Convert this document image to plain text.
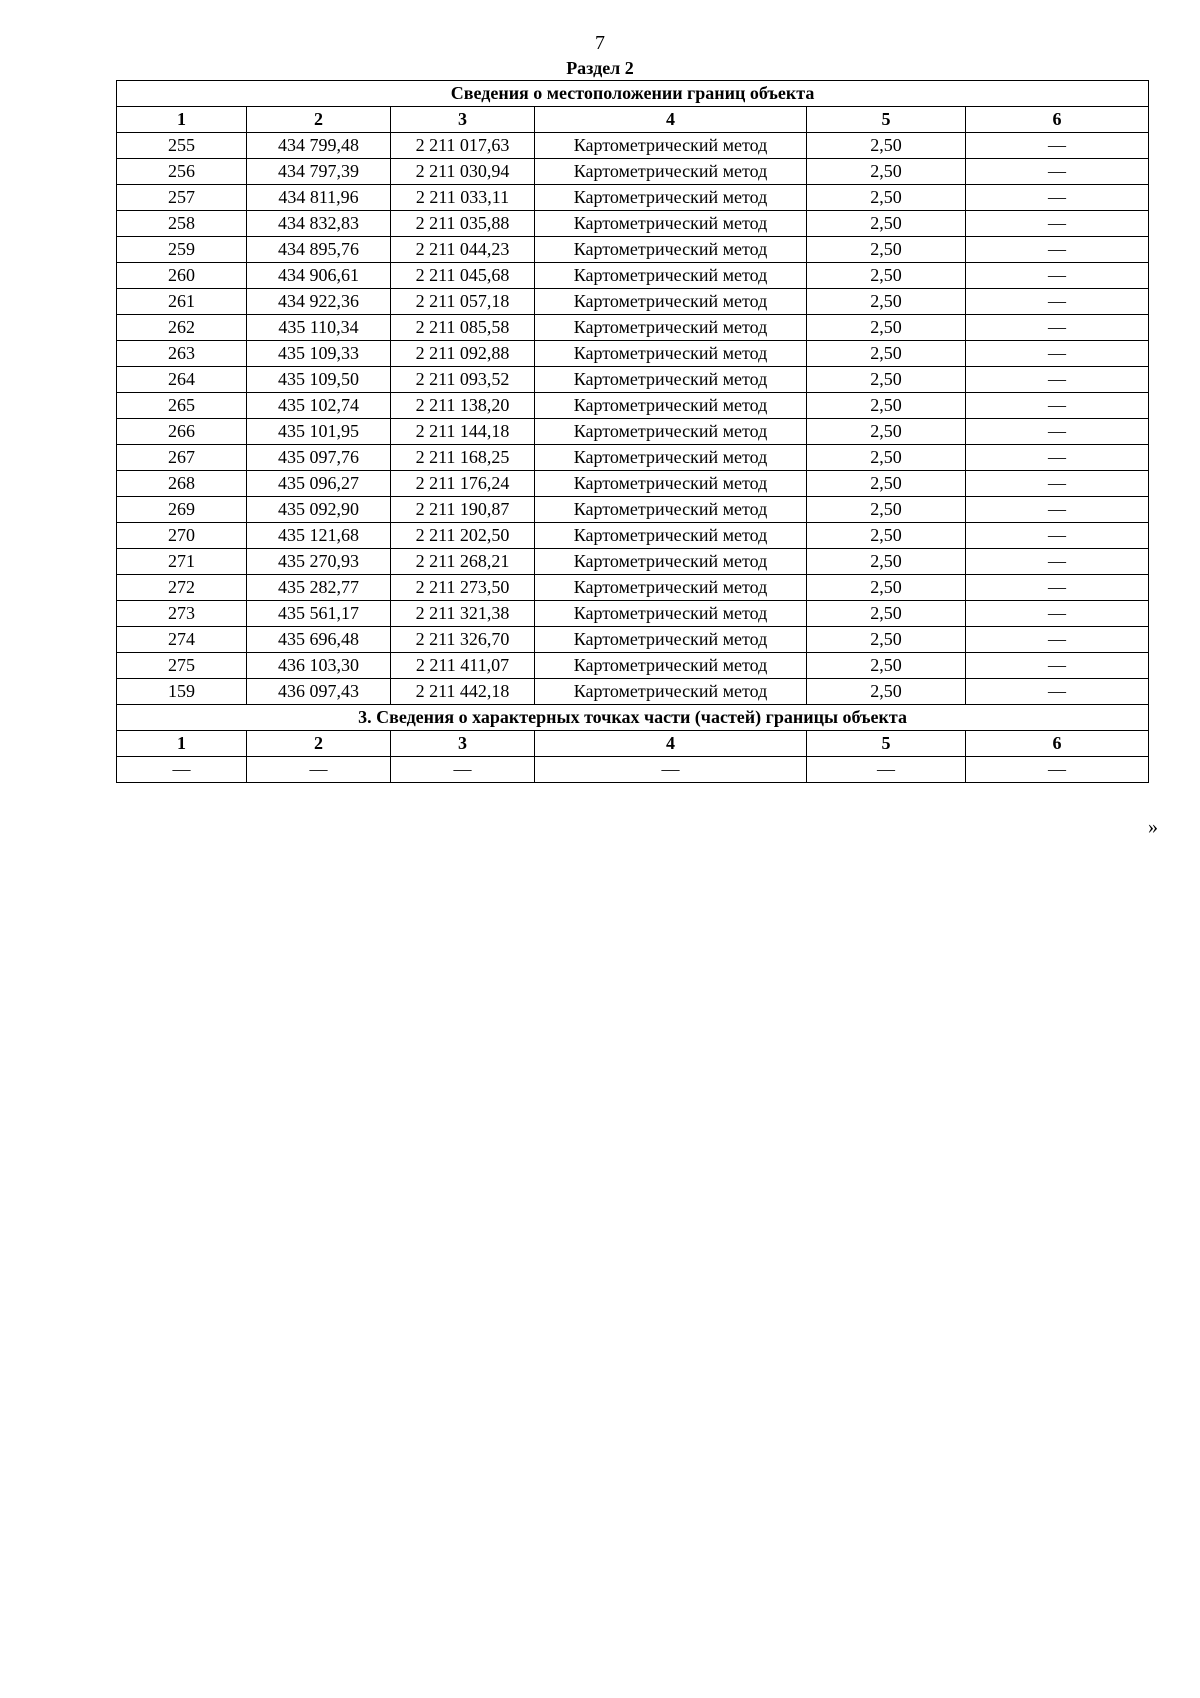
7
Раздел 2
Сведения о местоположении границ объекта					
1	2	3	4	5	6
255	434 799,48	2 211 017,63	Картометрический метод	2,50	—
256	434 797,39	2 211 030,94	Картометрический метод	2,50	—
257	434 811,96	2 211 033,11	Картометрический метод	2,50	—
258	434 832,83	2 211 035,88	Картометрический метод	2,50	—
259	434 895,76	2 211 044,23	Картометрический метод	2,50	—
260	434 906,61	2 211 045,68	Картометрический метод	2,50	—
261	434 922,36	2 211 057,18	Картометрический метод	2,50	—
262	435 110,34	2 211 085,58	Картометрический метод	2,50	—
263	435 109,33	2 211 092,88	Картометрический метод	2,50	—
264	435 109,50	2 211 093,52	Картометрический метод	2,50	—
265	435 102,74	2 211 138,20	Картометрический метод	2,50	—
266	435 101,95	2 211 144,18	Картометрический метод	2,50	—
267	435 097,76	2 211 168,25	Картометрический метод	2,50	—
268	435 096,27	2 211 176,24	Картометрический метод	2,50	—
269	435 092,90	2 211 190,87	Картометрический метод	2,50	—
270	435 121,68	2 211 202,50	Картометрический метод	2,50	—
271	435 270,93	2 211 268,21	Картометрический метод	2,50	—
272	435 282,77	2 211 273,50	Картометрический метод	2,50	—
273	435 561,17	2 211 321,38	Картометрический метод	2,50	—
274	435 696,48	2 211 326,70	Картометрический метод	2,50	—
275	436 103,30	2 211 411,07	Картометрический метод	2,50	—
159	436 097,43	2 211 442,18	Картометрический метод	2,50	—
3. Сведения о характерных точках части (частей) границы объекта					
1	2	3	4	5	6
—	—	—	—	—	—
»
